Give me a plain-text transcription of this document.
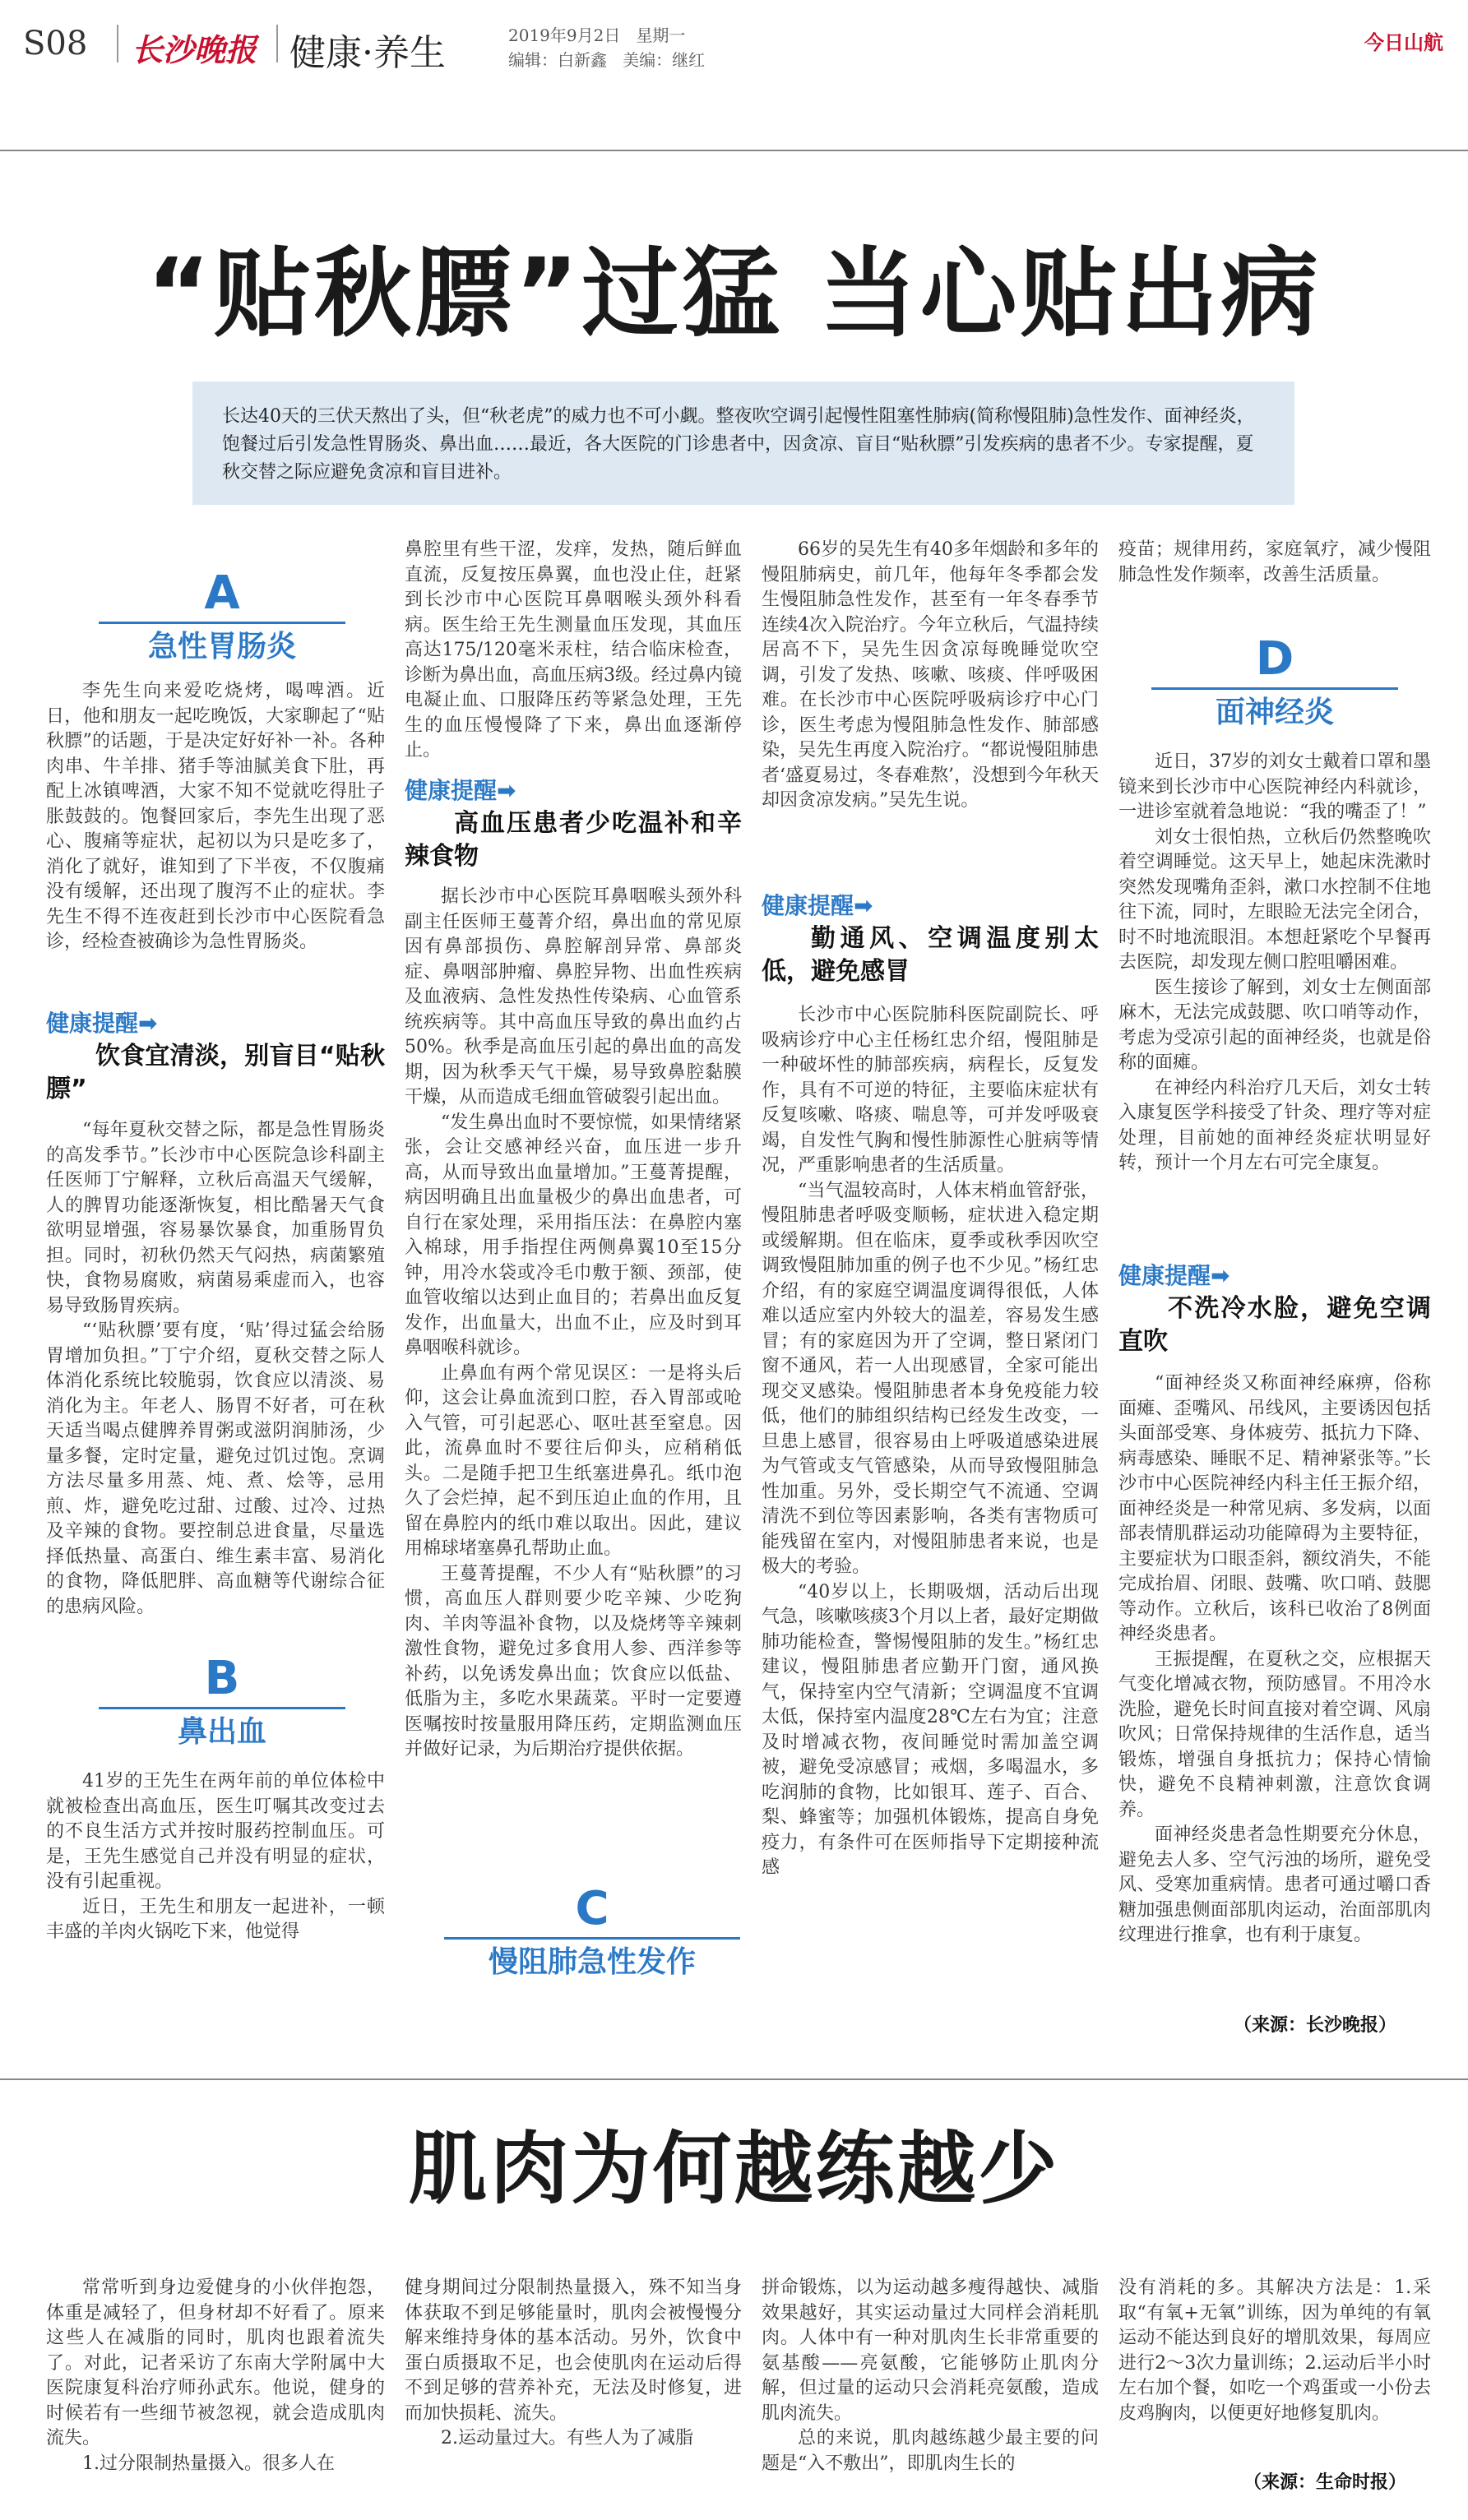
S08 长沙晚报 健康·养生	2019年9月2日 星期一
编辑：白新鑫 美编：继红
今日山航
“贴秋膘”过猛 当心贴出病
长达40天的三伏天熬出了头，但“秋老虎”的威力也不可小觑。整夜吹空调引起慢性阻塞性肺病(简称慢阻肺)急性发作、面神经炎，饱餐过后引发急性胃肠炎、鼻出血……最近，各大医院的门诊患者中，因贪凉、盲目“贴秋膘”引发疾病的患者不少。专家提醒，夏秋交替之际应避免贪凉和盲目进补。
A
急性胃肠炎

李先生向来爱吃烧烤，喝啤酒。近日，他和朋友一起吃晚饭，大家聊起了“贴秋膘”的话题，于是决定好好补一补。各种肉串、牛羊排、猪手等油腻美食下肚，再配上冰镇啤酒，大家不知不觉就吃得肚子胀鼓鼓的。饱餐回家后，李先生出现了恶心、腹痛等症状，起初以为只是吃多了，消化了就好，谁知到了下半夜，不仅腹痛没有缓解，还出现了腹泻不止的症状。李先生不得不连夜赶到长沙市中心医院看急诊，经检查被确诊为急性胃肠炎。

健康提醒➡
饮食宜清淡，别盲目“贴秋膘”

“每年夏秋交替之际，都是急性胃肠炎的高发季节。”长沙市中心医院急诊科副主任医师丁宁解释，立秋后高温天气缓解，人的脾胃功能逐渐恢复，相比酷暑天气食欲明显增强，容易暴饮暴食，加重肠胃负担。同时，初秋仍然天气闷热，病菌繁殖快，食物易腐败，病菌易乘虚而入，也容易导致肠胃疾病。

“‘贴秋膘’要有度，‘贴’得过猛会给肠胃增加负担。”丁宁介绍，夏秋交替之际人体消化系统比较脆弱，饮食应以清淡、易消化为主。年老人、肠胃不好者，可在秋天适当喝点健脾养胃粥或滋阴润肺汤，少量多餐，定时定量，避免过饥过饱。烹调方法尽量多用蒸、炖、煮、烩等，忌用煎、炸，避免吃过甜、过酸、过冷、过热及辛辣的食物。要控制总进食量，尽量选择低热量、高蛋白、维生素丰富、易消化的食物，降低肥胖、高血糖等代谢综合征的患病风险。

B
鼻出血

41岁的王先生在两年前的单位体检中就被检查出高血压，医生叮嘱其改变过去的不良生活方式并按时服药控制血压。可是，王先生感觉自己并没有明显的症状，没有引起重视。

近日，王先生和朋友一起进补，一顿丰盛的羊肉火锅吃下来，他觉得

鼻腔里有些干涩，发痒，发热，随后鲜血直流，反复按压鼻翼，血也没止住，赶紧到长沙市中心医院耳鼻咽喉头颈外科看病。医生给王先生测量血压发现，其血压高达175/120毫米汞柱，结合临床检查，诊断为鼻出血，高血压病3级。经过鼻内镜电凝止血、口服降压药等紧急处理，王先生的血压慢慢降了下来，鼻出血逐渐停止。

健康提醒➡
高血压患者少吃温补和辛辣食物

据长沙市中心医院耳鼻咽喉头颈外科副主任医师王蔓菁介绍，鼻出血的常见原因有鼻部损伤、鼻腔解剖异常、鼻部炎症、鼻咽部肿瘤、鼻腔异物、出血性疾病及血液病、急性发热性传染病、心血管系统疾病等。其中高血压导致的鼻出血约占50%。秋季是高血压引起的鼻出血的高发期，因为秋季天气干燥，易导致鼻腔黏膜干燥，从而造成毛细血管破裂引起出血。

“发生鼻出血时不要惊慌，如果情绪紧张，会让交感神经兴奋，血压进一步升高，从而导致出血量增加。”王蔓菁提醒，病因明确且出血量极少的鼻出血患者，可自行在家处理，采用指压法：在鼻腔内塞入棉球，用手指捏住两侧鼻翼10至15分钟，用冷水袋或冷毛巾敷于额、颈部，使血管收缩以达到止血目的；若鼻出血反复发作，出血量大，出血不止，应及时到耳鼻咽喉科就诊。

止鼻血有两个常见误区：一是将头后仰，这会让鼻血流到口腔，吞入胃部或呛入气管，可引起恶心、呕吐甚至窒息。因此，流鼻血时不要往后仰头，应稍稍低头。二是随手把卫生纸塞进鼻孔。纸巾泡久了会烂掉，起不到压迫止血的作用，且留在鼻腔内的纸巾难以取出。因此，建议用棉球堵塞鼻孔帮助止血。

王蔓菁提醒，不少人有“贴秋膘”的习惯，高血压人群则要少吃辛辣、少吃狗肉、羊肉等温补食物，以及烧烤等辛辣刺激性食物，避免过多食用人参、西洋参等补药，以免诱发鼻出血；饮食应以低盐、低脂为主，多吃水果蔬菜。平时一定要遵医嘱按时按量服用降压药，定期监测血压并做好记录，为后期治疗提供依据。

66岁的吴先生有40多年烟龄和多年的慢阻肺病史，前几年，他每年冬季都会发生慢阻肺急性发作，甚至有一年冬春季节连续4次入院治疗。今年立秋后，气温持续居高不下，吴先生因贪凉每晚睡觉吹空调，引发了发热、咳嗽、咳痰、伴呼吸困难。在长沙市中心医院呼吸病诊疗中心门诊，医生考虑为慢阻肺急性发作、肺部感染，吴先生再度入院治疗。“都说慢阻肺患者‘盛夏易过，冬春难熬’，没想到今年秋天却因贪凉发病。”吴先生说。

健康提醒➡
勤通风、空调温度别太低，避免感冒

长沙市中心医院肺科医院副院长、呼吸病诊疗中心主任杨红忠介绍，慢阻肺是一种破坏性的肺部疾病，病程长，反复发作，具有不可逆的特征，主要临床症状有反复咳嗽、咯痰、喘息等，可并发呼吸衰竭，自发性气胸和慢性肺源性心脏病等情况，严重影响患者的生活质量。

“当气温较高时，人体末梢血管舒张，慢阻肺患者呼吸变顺畅，症状进入稳定期或缓解期。但在临床，夏季或秋季因吹空调致慢阻肺加重的例子也不少见。”杨红忠介绍，有的家庭空调温度调得很低，人体难以适应室内外较大的温差，容易发生感冒；有的家庭因为开了空调，整日紧闭门窗不通风，若一人出现感冒，全家可能出现交叉感染。慢阻肺患者本身免疫能力较低，他们的肺组织结构已经发生改变，一旦患上感冒，很容易由上呼吸道感染进展为气管或支气管感染，从而导致慢阻肺急性加重。另外，受长期空气不流通、空调清洗不到位等因素影响，各类有害物质可能残留在室内，对慢阻肺患者来说，也是极大的考验。

“40岁以上，长期吸烟，活动后出现气急，咳嗽咳痰3个月以上者，最好定期做肺功能检查，警惕慢阻肺的发生。”杨红忠建议，慢阻肺患者应勤开门窗，通风换气，保持室内空气清新；空调温度不宜调太低，保持室内温度28℃左右为宜；注意及时增减衣物，夜间睡觉时需加盖空调被，避免受凉感冒；戒烟，多喝温水，多吃润肺的食物，比如银耳、莲子、百合、梨、蜂蜜等；加强机体锻炼，提高自身免疫力，有条件可在医师指导下定期接种流感

C
慢阻肺急性发作

疫苗；规律用药，家庭氧疗，减少慢阻肺急性发作频率，改善生活质量。

D
面神经炎

近日，37岁的刘女士戴着口罩和墨镜来到长沙市中心医院神经内科就诊，一进诊室就着急地说：“我的嘴歪了！”

刘女士很怕热，立秋后仍然整晚吹着空调睡觉。这天早上，她起床洗漱时突然发现嘴角歪斜，漱口水控制不住地往下流，同时，左眼睑无法完全闭合，时不时地流眼泪。本想赶紧吃个早餐再去医院，却发现左侧口腔咀嚼困难。

医生接诊了解到，刘女士左侧面部麻木，无法完成鼓腮、吹口哨等动作，考虑为受凉引起的面神经炎，也就是俗称的面瘫。

在神经内科治疗几天后，刘女士转入康复医学科接受了针灸、理疗等对症处理，目前她的面神经炎症状明显好转，预计一个月左右可完全康复。

健康提醒➡
不洗冷水脸，避免空调直吹

“面神经炎又称面神经麻痹，俗称面瘫、歪嘴风、吊线风，主要诱因包括头面部受寒、身体疲劳、抵抗力下降、病毒感染、睡眠不足、精神紧张等。”长沙市中心医院神经内科主任王振介绍，面神经炎是一种常见病、多发病，以面部表情肌群运动功能障碍为主要特征，主要症状为口眼歪斜，额纹消失，不能完成抬眉、闭眼、鼓嘴、吹口哨、鼓腮等动作。立秋后，该科已收治了8例面神经炎患者。

王振提醒，在夏秋之交，应根据天气变化增减衣物，预防感冒。不用冷水洗脸，避免长时间直接对着空调、风扇吹风；日常保持规律的生活作息，适当锻炼，增强自身抵抗力；保持心情愉快，避免不良精神刺激，注意饮食调养。

面神经炎患者急性期要充分休息，避免去人多、空气污浊的场所，避免受风、受寒加重病情。患者可通过嚼口香糖加强患侧面部肌肉运动，治面部肌肉纹理进行推拿，也有利于康复。

（来源：长沙晚报）
肌肉为何越练越少

常常听到身边爱健身的小伙伴抱怨，体重是减轻了，但身材却不好看了。原来这些人在减脂的同时，肌肉也跟着流失了。对此，记者采访了东南大学附属中大医院康复科治疗师孙武东。他说，健身的时候若有一些细节被忽视，就会造成肌肉流失。

1.过分限制热量摄入。很多人在

健身期间过分限制热量摄入，殊不知当身体获取不到足够能量时，肌肉会被慢慢分解来维持身体的基本活动。另外，饮食中蛋白质摄取不足，也会使肌肉在运动后得不到足够的营养补充，无法及时修复，进而加快损耗、流失。

2.运动量过大。有些人为了减脂

拼命锻炼，以为运动越多瘦得越快、减脂效果越好，其实运动量过大同样会消耗肌肉。人体中有一种对肌肉生长非常重要的氨基酸——亮氨酸，它能够防止肌肉分解，但过量的运动只会消耗亮氨酸，造成肌肉流失。

总的来说，肌肉越练越少最主要的问题是“入不敷出”，即肌肉生长的

没有消耗的多。其解决方法是：1.采取“有氧+无氧”训练，因为单纯的有氧运动不能达到良好的增肌效果，每周应进行2～3次力量训练；2.运动后半小时左右加个餐，如吃一个鸡蛋或一小份去皮鸡胸肉，以便更好地修复肌肉。

（来源：生命时报）
